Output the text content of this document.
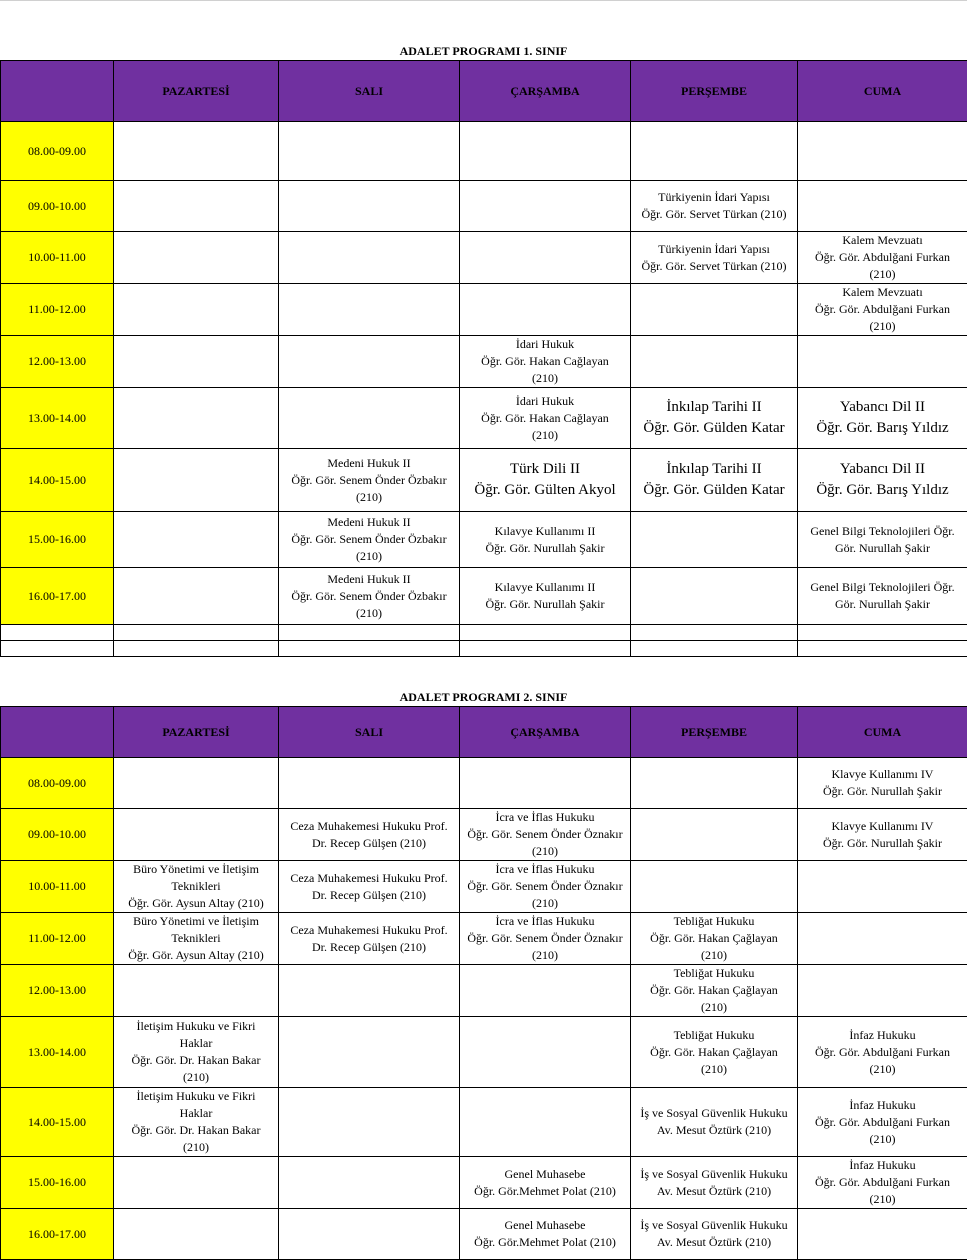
ADALET PROGRAMI 1. SINIF
	PAZARTESİ	SALI	ÇARŞAMBA	PERŞEMBE	CUMA
08.00-09.00					
09.00-10.00				Türkiyenin İdari Yapısı
Öğr. Gör. Servet Türkan (210)	

10.00-11.00				Türkiyenin İdari Yapısı
Öğr. Gör. Servet Türkan (210)	Kalem Mevzuatı
Öğr. Gör. Abdulğani Furkan
(210)

11.00-12.00					Kalem Mevzuatı
Öğr. Gör. Abdulğani Furkan
(210)

12.00-13.00			İdari Hukuk
Öğr. Gör. Hakan Cağlayan
(210)		

13.00-14.00			İdari Hukuk
Öğr. Gör. Hakan Cağlayan
(210)	İnkılap Tarihi II
Öğr. Gör. Gülden Katar	Yabancı Dil II
Öğr. Gör. Barış Yıldız

14.00-15.00		Medeni Hukuk II
Öğr. Gör. Senem Önder Özbakır
(210)	Türk Dili II
Öğr. Gör. Gülten Akyol	İnkılap Tarihi II
Öğr. Gör. Gülden Katar	Yabancı Dil II
Öğr. Gör. Barış Yıldız

15.00-16.00		Medeni Hukuk II
Öğr. Gör. Senem Önder Özbakır
(210)	Kılavye Kullanımı II
Öğr. Gör. Nurullah Şakir		Genel Bilgi Teknolojileri Öğr.
Gör. Nurullah Şakir

16.00-17.00		Medeni Hukuk II
Öğr. Gör. Senem Önder Özbakır
(210)	Kılavye Kullanımı II
Öğr. Gör. Nurullah Şakir		Genel Bilgi Teknolojileri Öğr.
Gör. Nurullah Şakir

ADALET PROGRAMI 2. SINIF
	PAZARTESİ	SALI	ÇARŞAMBA	PERŞEMBE	CUMA
08.00-09.00					Klavye Kullanımı IV
Öğr. Gör. Nurullah Şakir

09.00-10.00		Ceza Muhakemesi Hukuku Prof.
Dr. Recep Gülşen (210)	İcra ve İflas Hukuku
Öğr. Gör. Senem Önder Öznakır
(210)		Klavye Kullanımı IV
Öğr. Gör. Nurullah Şakir

10.00-11.00	Büro Yönetimi ve İletişim
Teknikleri
Öğr. Gör. Aysun Altay (210)	Ceza Muhakemesi Hukuku Prof.
Dr. Recep Gülşen (210)	İcra ve İflas Hukuku
Öğr. Gör. Senem Önder Öznakır
(210)		

11.00-12.00	Büro Yönetimi ve İletişim
Teknikleri
Öğr. Gör. Aysun Altay (210)	Ceza Muhakemesi Hukuku Prof.
Dr. Recep Gülşen (210)	İcra ve İflas Hukuku
Öğr. Gör. Senem Önder Öznakır
(210)	Tebliğat Hukuku
Öğr. Gör. Hakan Çağlayan
(210)	

12.00-13.00				Tebliğat Hukuku
Öğr. Gör. Hakan Çağlayan
(210)	

13.00-14.00	İletişim Hukuku ve Fikri
Haklar
Öğr. Gör. Dr. Hakan Bakar
(210)			Tebliğat Hukuku
Öğr. Gör. Hakan Çağlayan
(210)	İnfaz Hukuku
Öğr. Gör. Abdulğani Furkan
(210)

14.00-15.00	İletişim Hukuku ve Fikri
Haklar
Öğr. Gör. Dr. Hakan Bakar
(210)			İş ve Sosyal Güvenlik Hukuku
Av. Mesut Öztürk (210)	İnfaz Hukuku
Öğr. Gör. Abdulğani Furkan
(210)

15.00-16.00			Genel Muhasebe
Öğr. Gör.Mehmet Polat (210)	İş ve Sosyal Güvenlik Hukuku
Av. Mesut Öztürk (210)	İnfaz Hukuku
Öğr. Gör. Abdulğani Furkan
(210)

16.00-17.00			Genel Muhasebe
Öğr. Gör.Mehmet Polat (210)	İş ve Sosyal Güvenlik Hukuku
Av. Mesut Öztürk (210)	
